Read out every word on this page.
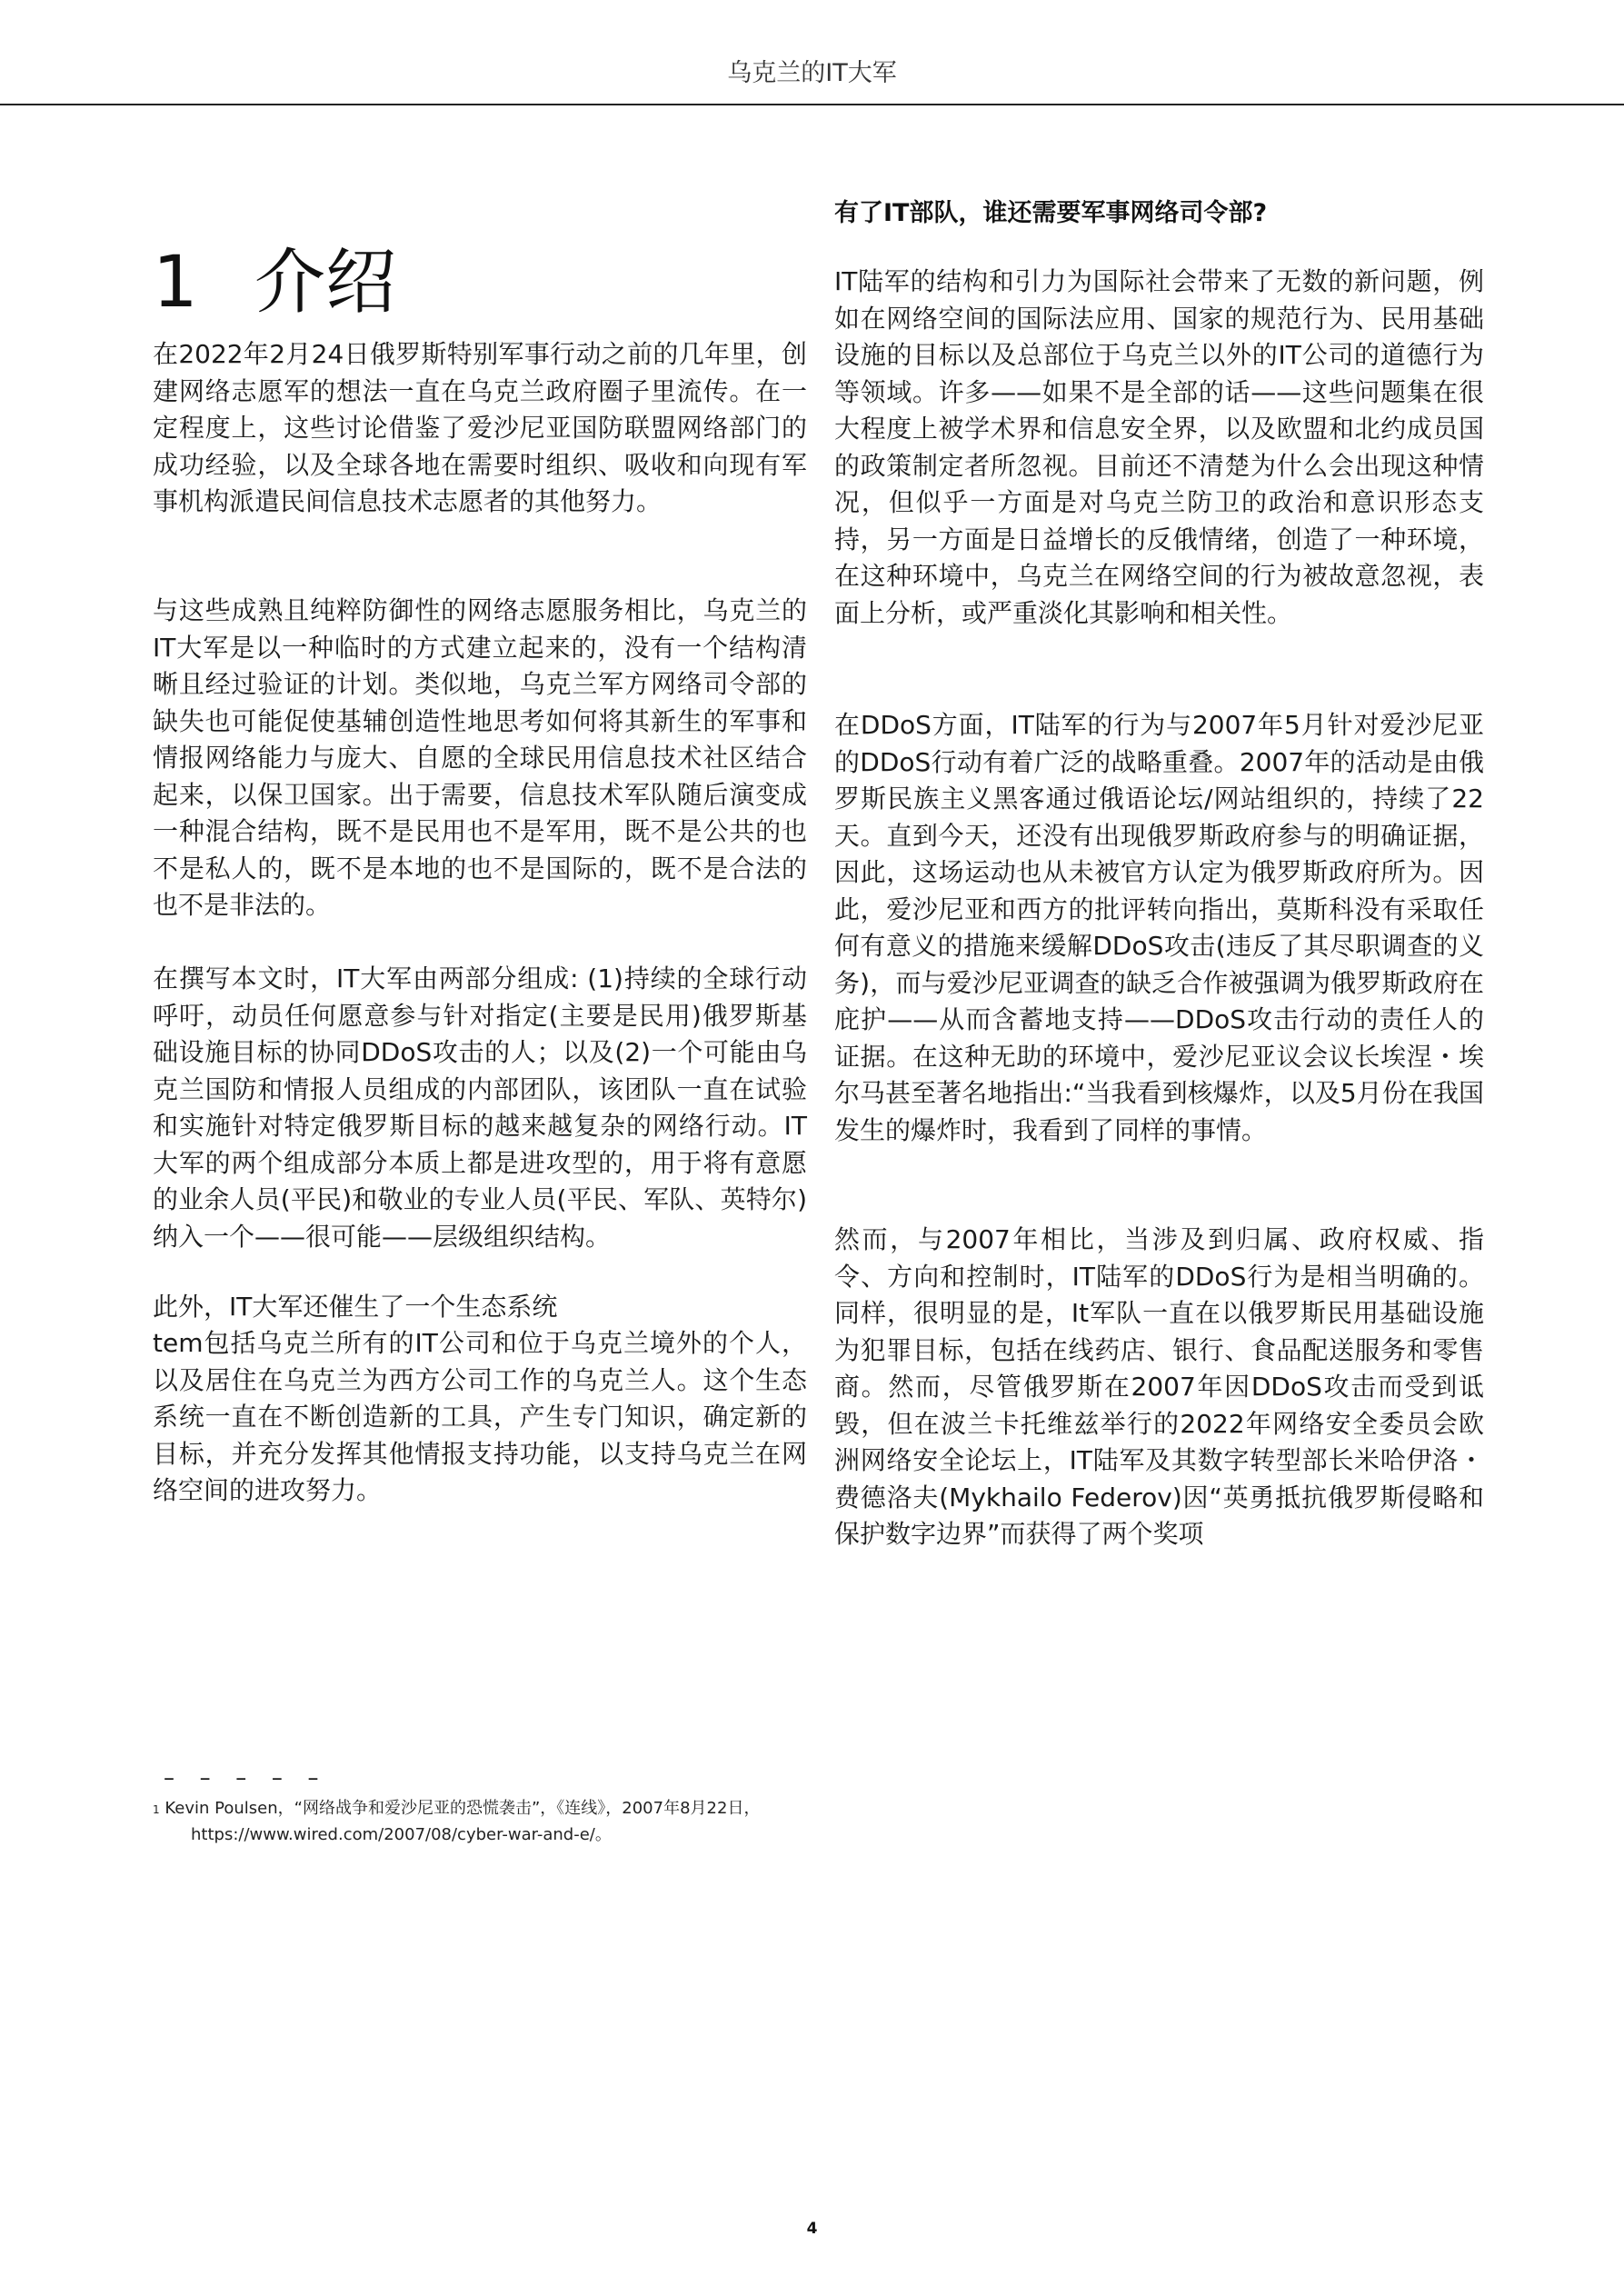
乌克兰的IT大军
1 介绍

在2022年2月24日俄罗斯特别军事行动之前的几年里，创建网络志愿军的想法一直在乌克兰政府圈子里流传。在一定程度上，这些讨论借鉴了爱沙尼亚国防联盟网络部门的成功经验，以及全球各地在需要时组织、吸收和向现有军事机构派遣民间信息技术志愿者的其他努力。

与这些成熟且纯粹防御性的网络志愿服务相比，乌克兰的IT大军是以一种临时的方式建立起来的，没有一个结构清晰且经过验证的计划。类似地，乌克兰军方网络司令部的缺失也可能促使基辅创造性地思考如何将其新生的军事和情报网络能力与庞大、自愿的全球民用信息技术社区结合起来，以保卫国家。出于需要，信息技术军队随后演变成一种混合结构，既不是民用也不是军用，既不是公共的也不是私人的，既不是本地的也不是国际的，既不是合法的也不是非法的。

在撰写本文时，IT大军由两部分组成: (1)持续的全球行动呼吁，动员任何愿意参与针对指定(主要是民用)俄罗斯基础设施目标的协同DDoS攻击的人；以及(2)一个可能由乌克兰国防和情报人员组成的内部团队，该团队一直在试验和实施针对特定俄罗斯目标的越来越复杂的网络行动。IT大军的两个组成部分本质上都是进攻型的，用于将有意愿的业余人员(平民)和敬业的专业人员(平民、军队、英特尔)纳入一个——很可能——层级组织结构。

此外，IT大军还催生了一个生态系统

tem包括乌克兰所有的IT公司和位于乌克兰境外的个人，以及居住在乌克兰为西方公司工作的乌克兰人。这个生态系统一直在不断创造新的工具，产生专门知识，确定新的目标，并充分发挥其他情报支持功能，以支持乌克兰在网络空间的进攻努力。

有了IT部队，谁还需要军事网络司令部?

IT陆军的结构和引力为国际社会带来了无数的新问题，例如在网络空间的国际法应用、国家的规范行为、民用基础设施的目标以及总部位于乌克兰以外的IT公司的道德行为等领域。许多——如果不是全部的话——这些问题集在很大程度上被学术界和信息安全界，以及欧盟和北约成员国的政策制定者所忽视。目前还不清楚为什么会出现这种情况，但似乎一方面是对乌克兰防卫的政治和意识形态支持，另一方面是日益增长的反俄情绪，创造了一种环境，在这种环境中，乌克兰在网络空间的行为被故意忽视，表面上分析，或严重淡化其影响和相关性。

在DDoS方面，IT陆军的行为与2007年5月针对爱沙尼亚的DDoS行动有着广泛的战略重叠。2007年的活动是由俄罗斯民族主义黑客通过俄语论坛/网站组织的，持续了22天。直到今天，还没有出现俄罗斯政府参与的明确证据，因此，这场运动也从未被官方认定为俄罗斯政府所为。因此，爱沙尼亚和西方的批评转向指出，莫斯科没有采取任何有意义的措施来缓解DDoS攻击(违反了其尽职调查的义务)，而与爱沙尼亚调查的缺乏合作被强调为俄罗斯政府在庇护——从而含蓄地支持——DDoS攻击行动的责任人的证据。在这种无助的环境中，爱沙尼亚议会议长埃涅・埃尔马甚至著名地指出:“当我看到核爆炸，以及5月份在我国发生的爆炸时，我看到了同样的事情。

然而，与2007年相比，当涉及到归属、政府权威、指令、方向和控制时，IT陆军的DDoS行为是相当明确的。同样，很明显的是，It军队一直在以俄罗斯民用基础设施为犯罪目标，包括在线药店、银行、食品配送服务和零售商。然而，尽管俄罗斯在2007年因DDoS攻击而受到诋毁，但在波兰卡托维兹举行的2022年网络安全委员会欧洲网络安全论坛上，IT陆军及其数字转型部长米哈伊洛・费德洛夫(Mykhailo Federov)因“英勇抵抗俄罗斯侵略和保护数字边界”而获得了两个奖项

– – – – –
1 Kevin Poulsen，“网络战争和爱沙尼亚的恐慌袭击”，《连线》，2007年8月22日，
https://www.wired.com/2007/08/cyber-war-and-e/。
4
